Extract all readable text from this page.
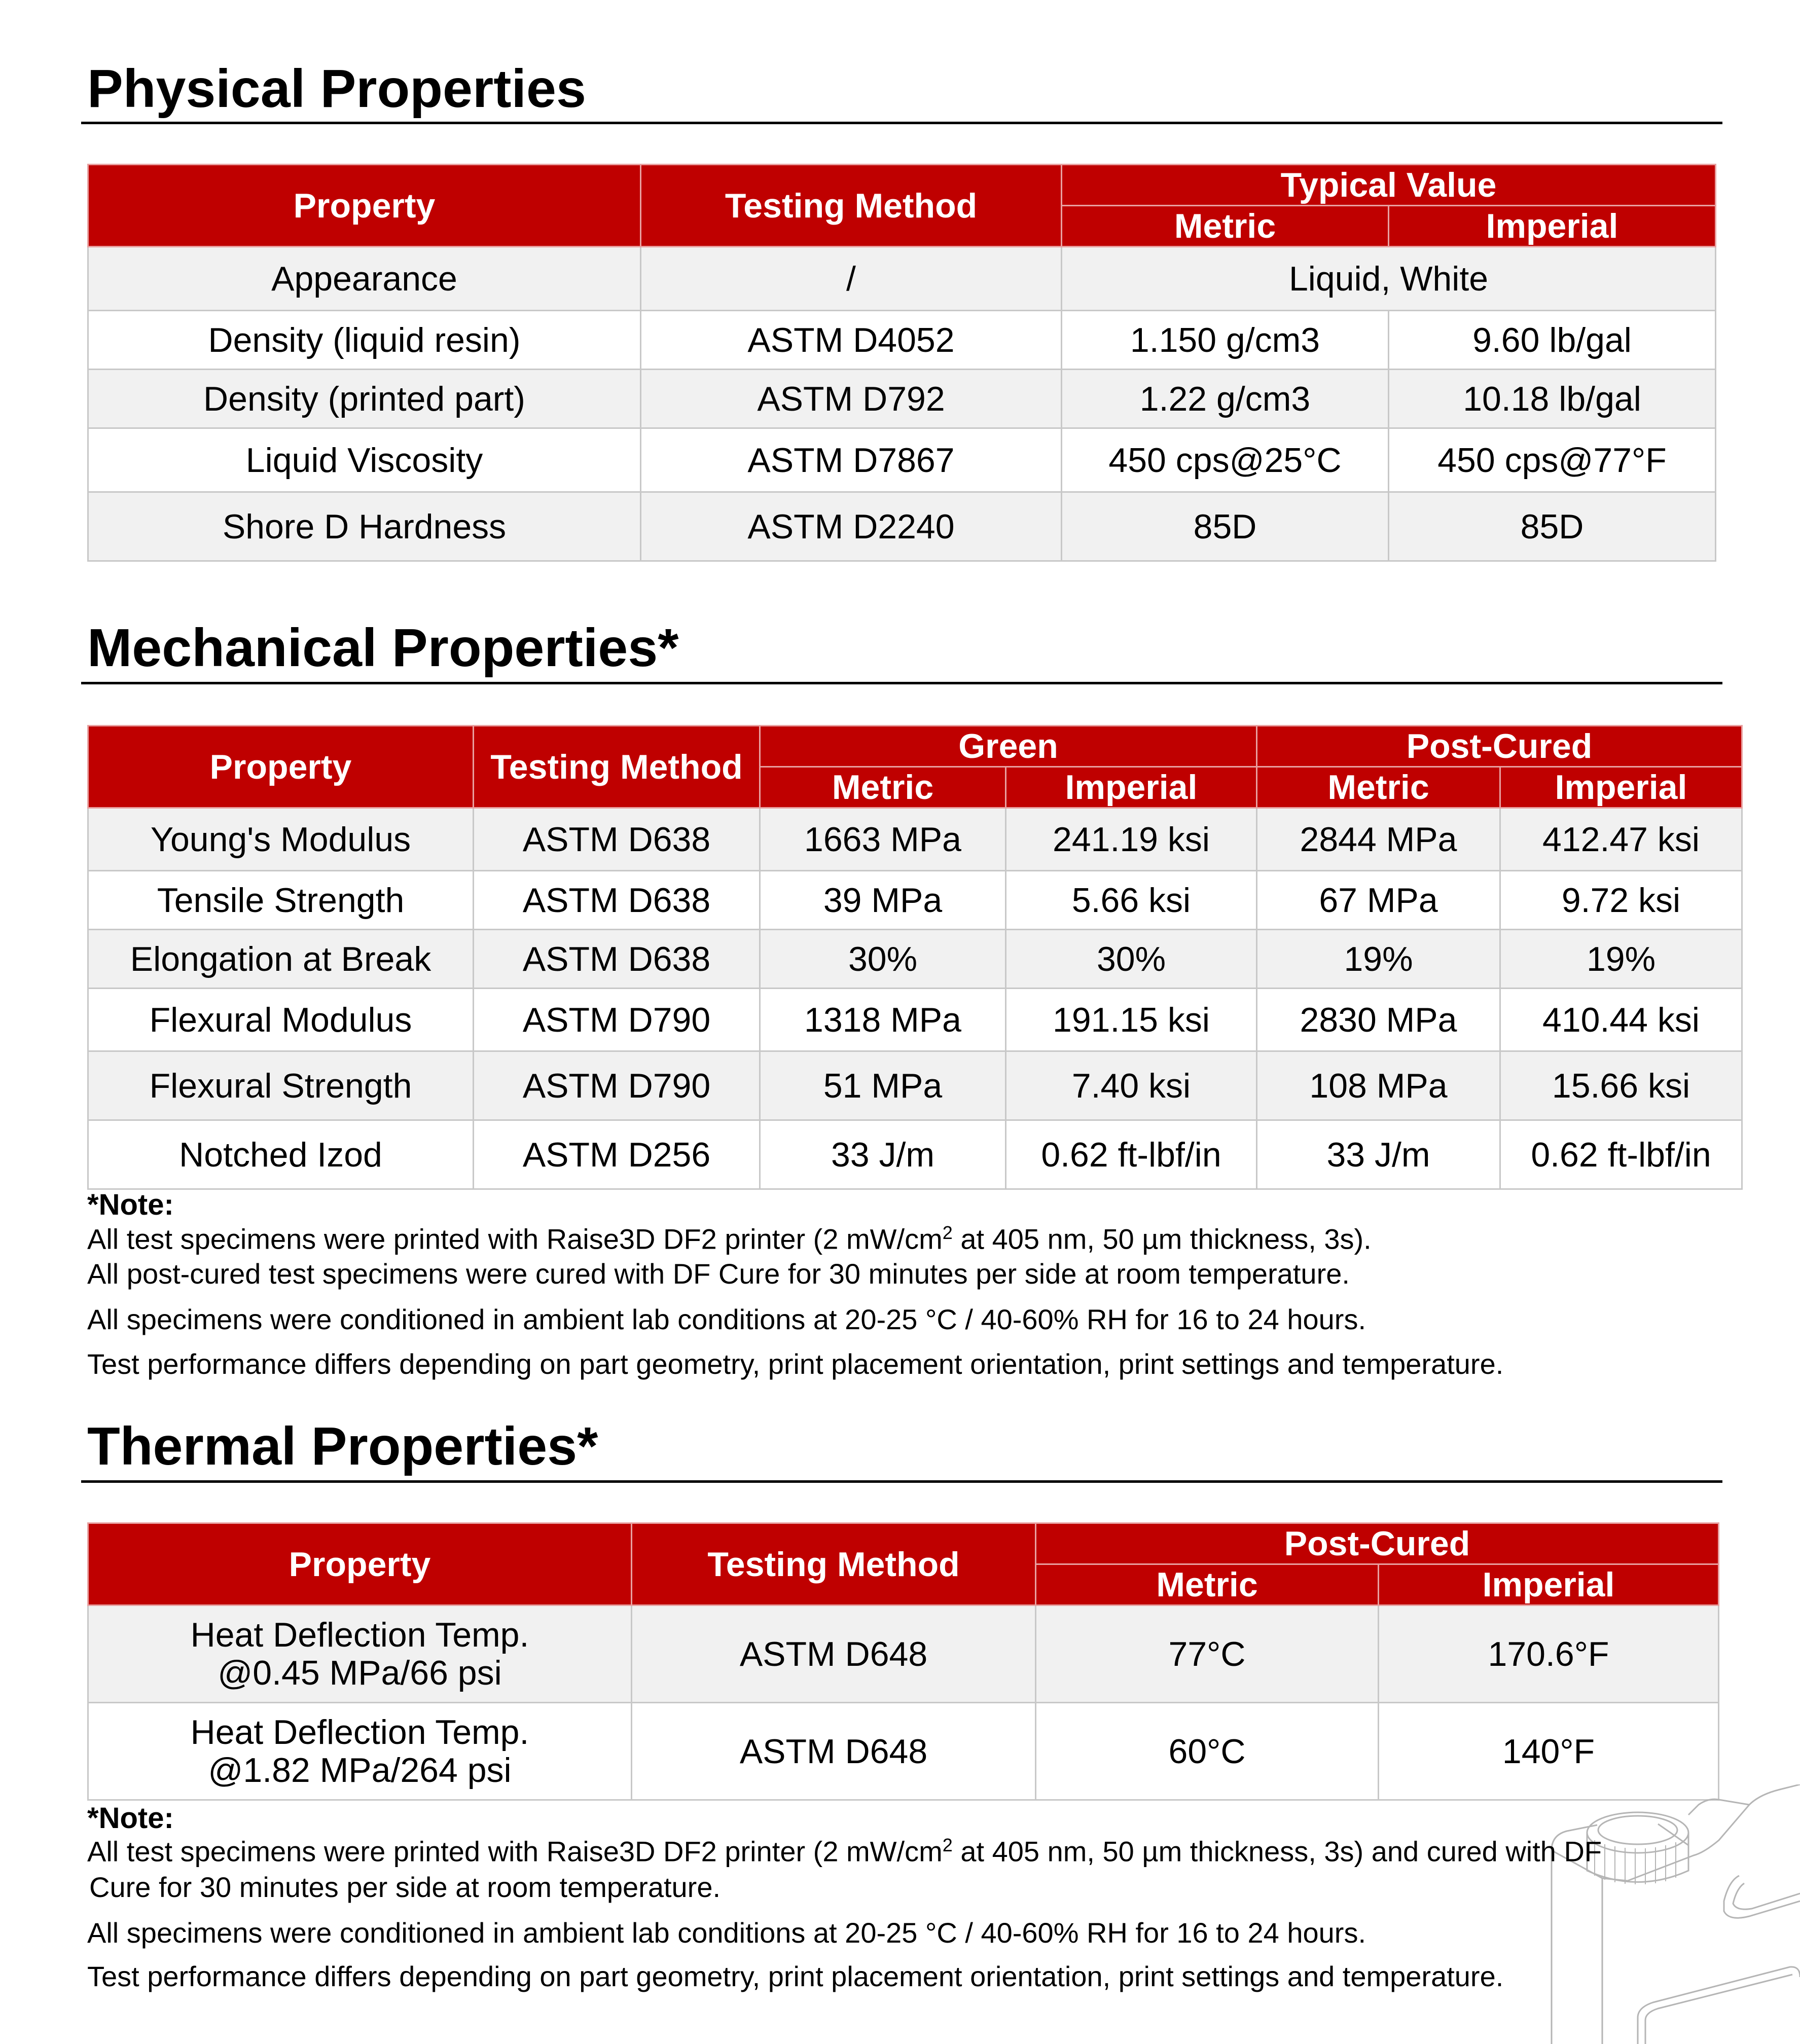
Physical Properties
Property	Testing Method	Typical Value	
		Metric	Imperial
Appearance	/	Liquid, White	
Density (liquid resin)	ASTM D4052	1.150 g/cm3	9.60 lb/gal
Density (printed part)	ASTM D792	1.22 g/cm3	10.18 lb/gal
Liquid Viscosity	ASTM D7867	450 cps@25°C	450 cps@77°F
Shore D Hardness	ASTM D2240	85D	85D
Mechanical Properties*
Property	Testing Method	Green		Post-Cured	
		Metric	Imperial	Metric	Imperial
Young's Modulus	ASTM D638	1663 MPa	241.19 ksi	2844 MPa	412.47 ksi
Tensile Strength	ASTM D638	39 MPa	5.66 ksi	67 MPa	9.72 ksi
Elongation at Break	ASTM D638	30%	30%	19%	19%
Flexural Modulus	ASTM D790	1318 MPa	191.15 ksi	2830 MPa	410.44 ksi
Flexural Strength	ASTM D790	51 MPa	7.40 ksi	108 MPa	15.66 ksi
Notched Izod	ASTM D256	33 J/m	0.62 ft-lbf/in	33 J/m	0.62 ft-lbf/in
*Note:
All test specimens were printed with Raise3D DF2 printer (2 $mW/cm^2$ at 405 nm, 50 µm thickness, 3s).
All post-cured test specimens were cured with DF Cure for 30 minutes per side at room temperature.
All specimens were conditioned in ambient lab conditions at 20-25 °C / 40-60% RH for 16 to 24 hours.
Test performance differs depending on part geometry, print placement orientation, print settings and temperature.
Thermal Properties*
Property	Testing Method	Post-Cured	
		Metric	Imperial

Heat Deflection Temp.
@0.45 MPa/66 psi	ASTM D648	77°C	170.6°F

Heat Deflection Temp.
@1.82 MPa/264 psi	ASTM D648	60°C	140°F
*Note:
All test specimens were printed with Raise3D DF2 printer (2 $mW/cm^2$ at 405 nm, 50 µm thickness, 3s) and cured with DF
Cure for 30 minutes per side at room temperature.
All specimens were conditioned in ambient lab conditions at 20-25 °C / 40-60% RH for 16 to 24 hours.
Test performance differs depending on part geometry, print placement orientation, print settings and temperature.
